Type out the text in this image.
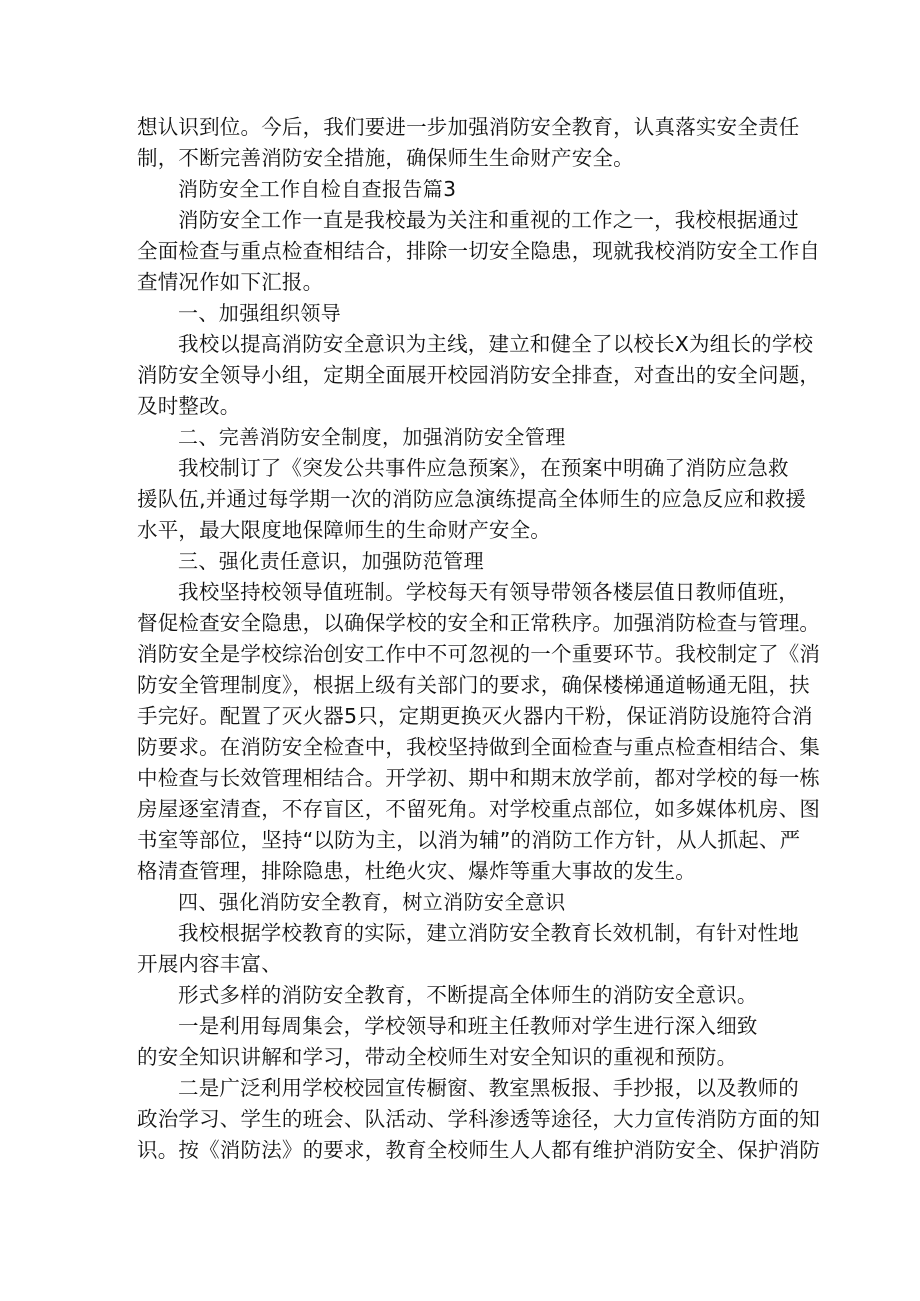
想认识到位。今后，我们要进一步加强消防安全教育，认真落实安全责任
制，不断完善消防安全措施，确保师生生命财产安全。
消防安全工作自检自查报告篇3
消防安全工作一直是我校最为关注和重视的工作之一，我校根据通过
全面检查与重点检查相结合，排除一切安全隐患，现就我校消防安全工作自
查情况作如下汇报。
一、加强组织领导
我校以提高消防安全意识为主线，建立和健全了以校长X为组长的学校
消防安全领导小组，定期全面展开校园消防安全排查，对查出的安全问题，
及时整改。
二、完善消防安全制度，加强消防安全管理
我校制订了《突发公共事件应急预案》，在预案中明确了消防应急救
援队伍,并通过每学期一次的消防应急演练提高全体师生的应急反应和救援
水平，最大限度地保障师生的生命财产安全。
三、强化责任意识，加强防范管理
我校坚持校领导值班制。学校每天有领导带领各楼层值日教师值班，
督促检查安全隐患，以确保学校的安全和正常秩序。加强消防检查与管理。
消防安全是学校综治创安工作中不可忽视的一个重要环节。我校制定了《消
防安全管理制度》，根据上级有关部门的要求，确保楼梯通道畅通无阻，扶
手完好。配置了灭火器5只，定期更换灭火器内干粉，保证消防设施符合消
防要求。在消防安全检查中，我校坚持做到全面检查与重点检查相结合、集
中检查与长效管理相结合。开学初、期中和期末放学前，都对学校的每一栋
房屋逐室清查，不存盲区，不留死角。对学校重点部位，如多媒体机房、图
书室等部位，坚持“以防为主，以消为辅”的消防工作方针，从人抓起、严
格清查管理，排除隐患，杜绝火灾、爆炸等重大事故的发生。
四、强化消防安全教育，树立消防安全意识
我校根据学校教育的实际，建立消防安全教育长效机制，有针对性地
开展内容丰富、
形式多样的消防安全教育，不断提高全体师生的消防安全意识。
一是利用每周集会，学校领导和班主任教师对学生进行深入细致
的安全知识讲解和学习，带动全校师生对安全知识的重视和预防。
二是广泛利用学校校园宣传橱窗、教室黑板报、手抄报，以及教师的
政治学习、学生的班会、队活动、学科渗透等途径，大力宣传消防方面的知
识。按《消防法》的要求，教育全校师生人人都有维护消防安全、保护消防
